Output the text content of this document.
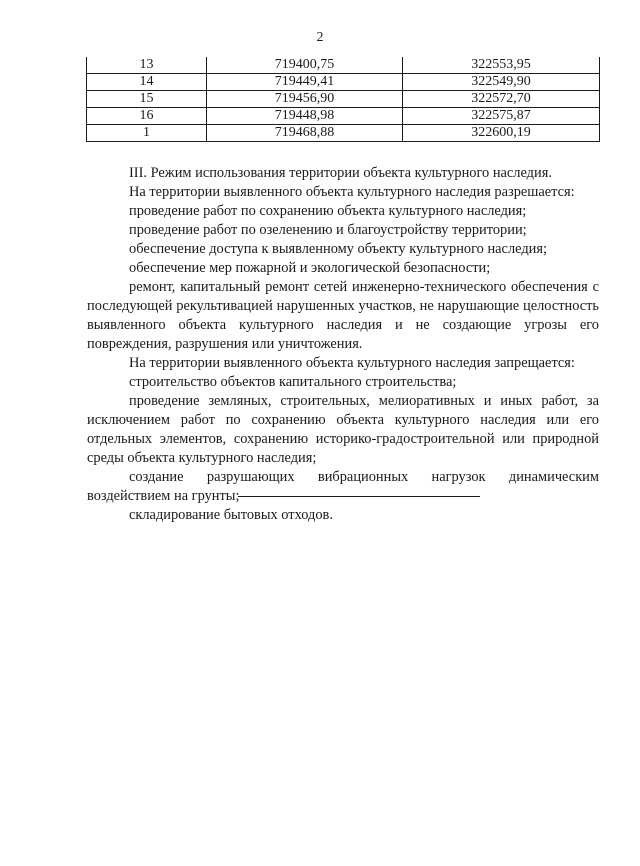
2
13	719400,75	322553,95
14	719449,41	322549,90
15	719456,90	322572,70
16	719448,98	322575,87
1	719468,88	322600,19

III. Режим использования территории объекта культурного наследия.

На территории выявленного объекта культурного наследия разрешается:

проведение работ по сохранению объекта культурного наследия;

проведение работ по озеленению и благоустройству территории;

обеспечение доступа к выявленному объекту культурного наследия;

обеспечение мер пожарной и экологической безопасности;

ремонт, капитальный ремонт сетей инженерно-технического обеспечения с последующей рекультивацией нарушенных участков, не нарушающие целостность выявленного объекта культурного наследия и не создающие угрозы его повреждения, разрушения или уничтожения.

На территории выявленного объекта культурного наследия запрещается:

строительство объектов капитального строительства;

проведение земляных, строительных, мелиоративных и иных работ, за исключением работ по сохранению объекта культурного наследия или его отдельных элементов, сохранению историко-градостроительной или природной среды объекта культурного наследия;

создание разрушающих вибрационных нагрузок динамическим воздействием на грунты;

складирование бытовых отходов.
